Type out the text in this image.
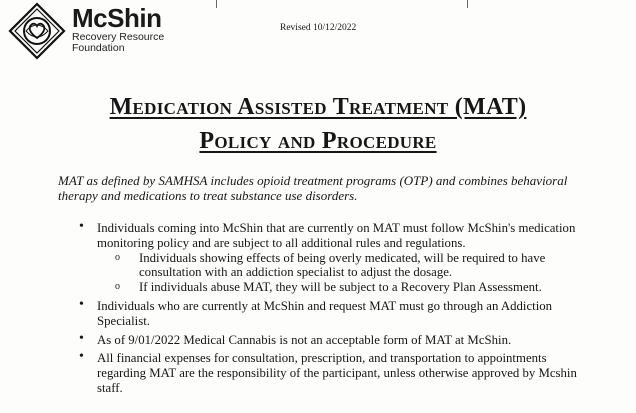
McShin
Recovery Resource
Foundation
Revised 10/12/2022
Medication Assisted Treatment (MAT)
Policy and Procedure
MAT as defined by SAMHSA includes opioid treatment programs (OTP) and combines behavioral therapy and medications to treat substance use disorders.
• Individuals coming into McShin that are currently on MAT must follow McShin's medication monitoring policy and are subject to all additional rules and regulations.
o Individuals showing effects of being overly medicated, will be required to have consultation with an addiction specialist to adjust the dosage.
o If individuals abuse MAT, they will be subject to a Recovery Plan Assessment.
• Individuals who are currently at McShin and request MAT must go through an Addiction Specialist.
• As of 9/01/2022 Medical Cannabis is not an acceptable form of MAT at McShin.
• All financial expenses for consultation, prescription, and transportation to appointments regarding MAT are the responsibility of the participant, unless otherwise approved by Mcshin staff.
